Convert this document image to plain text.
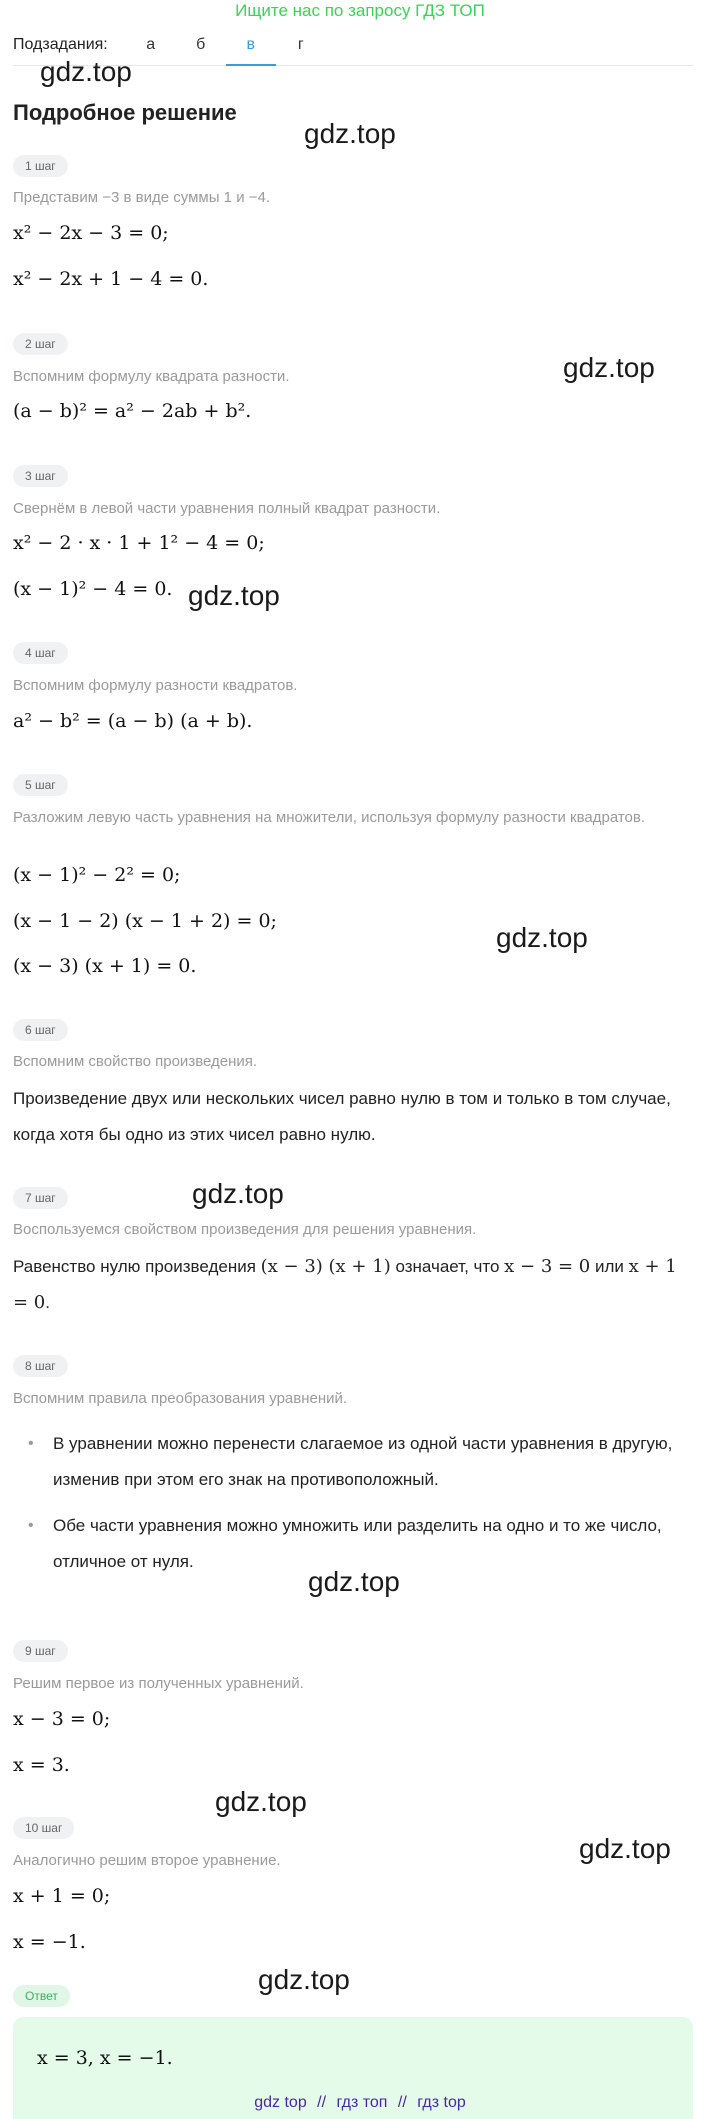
Ищите нас по запросу ГДЗ ТОП
Подзадания:	а	б	в	г
Подробное решение
1 шаг
Представим −3 в виде суммы 1 и −4.
x² − 2x − 3 = 0;
x² − 2x + 1 − 4 = 0.
2 шаг
Вспомним формулу квадрата разности.
(a − b)² = a² − 2ab + b².
3 шаг
Свернём в левой части уравнения полный квадрат разности.
x² − 2 · x · 1 + 1² − 4 = 0;
(x − 1)² − 4 = 0.
4 шаг
Вспомним формулу разности квадратов.
a² − b² = (a − b) (a + b).
5 шаг
Разложим левую часть уравнения на множители, используя формулу разности квадратов.
(x − 1)² − 2² = 0;
(x − 1 − 2) (x − 1 + 2) = 0;
(x − 3) (x + 1) = 0.
6 шаг
Вспомним свойство произведения.
Произведение двух или нескольких чисел равно нулю в том и только в том случае, когда хотя бы одно из этих чисел равно нулю.
7 шаг
Воспользуемся свойством произведения для решения уравнения.
Равенство нулю произведения (x − 3) (x + 1) означает, что x − 3 = 0 или x + 1 = 0.
8 шаг
Вспомним правила преобразования уравнений.
• В уравнении можно перенести слагаемое из одной части уравнения в другую, изменив при этом его знак на противоположный.
• Обе части уравнения можно умножить или разделить на одно и то же число, отличное от нуля.
9 шаг
Решим первое из полученных уравнений.
x − 3 = 0;
x = 3.
10 шаг
Аналогично решим второе уравнение.
x + 1 = 0;
x = −1.
Ответ
x = 3, x = −1.
gdz.top
gdz.top
gdz.top
gdz.top
gdz.top
gdz.top
gdz.top
gdz.top
gdz.top
gdz.top
gdz top // гдз топ // гдз top
